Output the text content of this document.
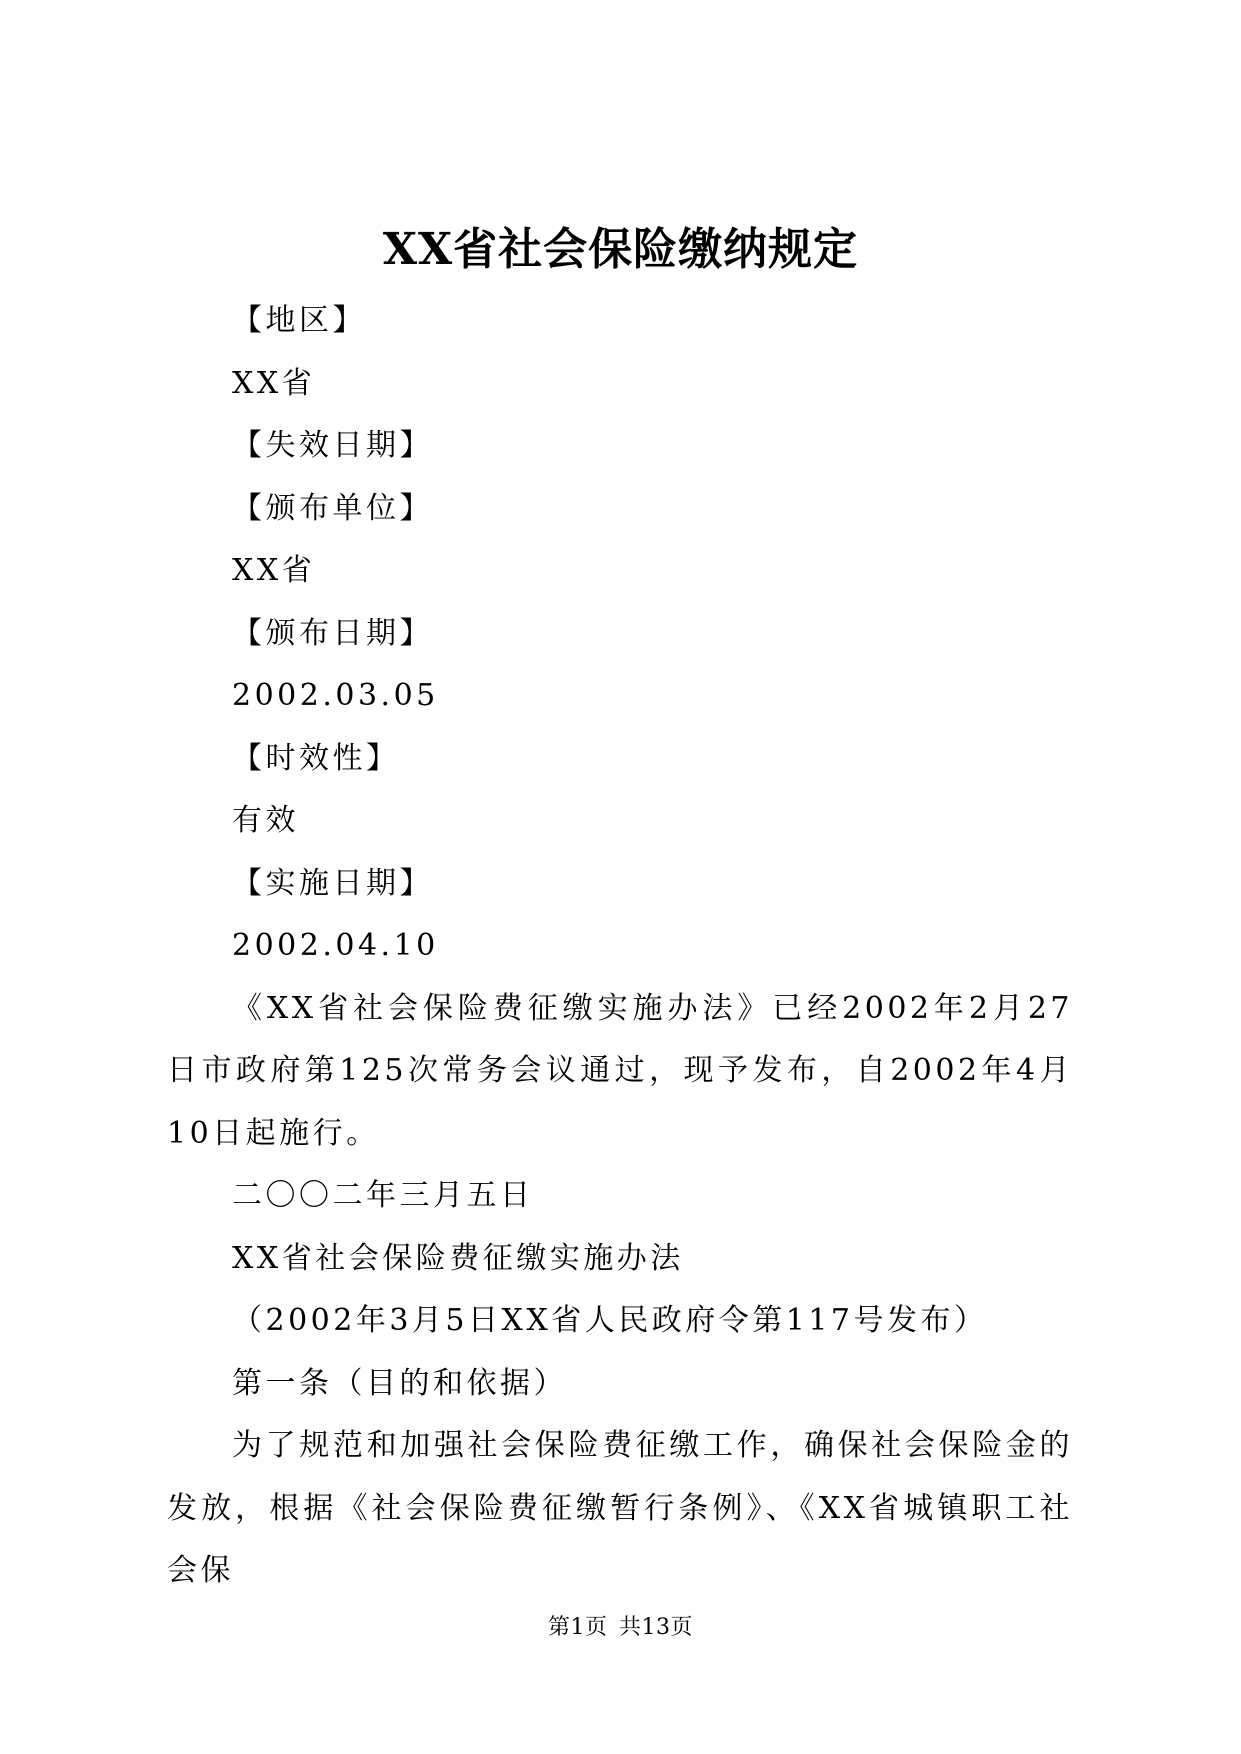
XX省社会保险缴纳规定
【地区】
XX省
【失效日期】
【颁布单位】
XX省
【颁布日期】
2002.03.05
【时效性】
有效
【实施日期】
2002.04.10
《XX省社会保险费征缴实施办法》已经2002年2月27日市政府第125次常务会议通过，现予发布，自2002年4月10日起施行。
二〇〇二年三月五日
XX省社会保险费征缴实施办法
（2002年3月5日XX省人民政府令第117号发布）
第一条（目的和依据）
为了规范和加强社会保险费征缴工作，确保社会保险金的发放，根据《社会保险费征缴暂行条例》、《XX省城镇职工社会保
第1页 共13页
